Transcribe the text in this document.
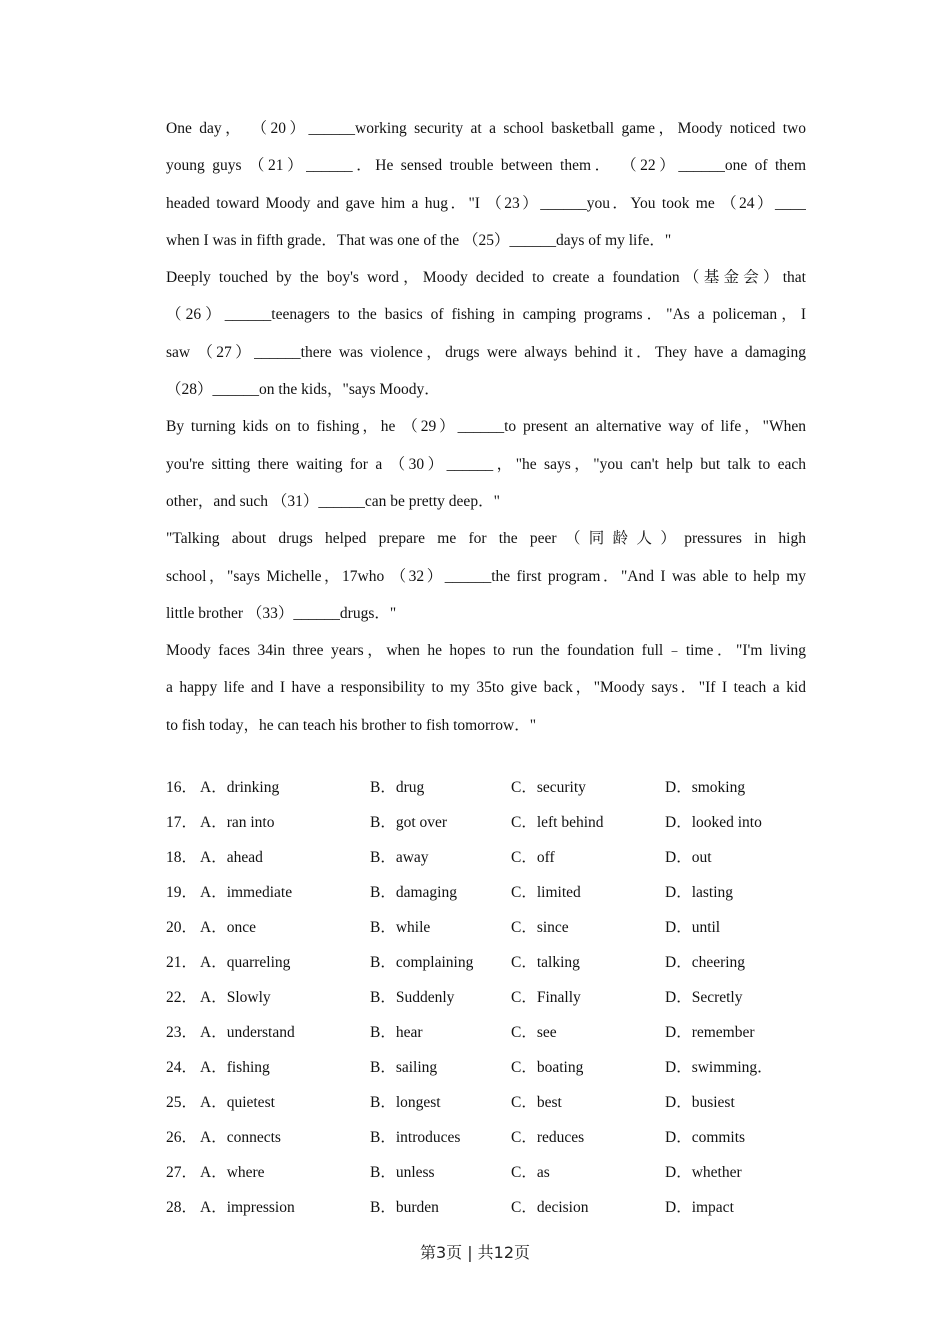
One day， （20）______working security at a school basketball game，Moody noticed two
young guys （21）______．He sensed trouble between them． （22）______one of them
headed toward Moody and gave him a hug．"I （23）______you．You took me （24）____
when I was in fifth grade．That was one of the （25）______days of my life．"
Deeply touched by the boy's word，Moody decided to create a foundation（基金会）that
（26）______teenagers to the basics of fishing in camping programs．"As a policeman，I
saw （27）______there was violence，drugs were always behind it．They have a damaging
（28）______on the kids，"says Moody．
By turning kids on to fishing，he （29）______to present an alternative way of life，"When
you're sitting there waiting for a （30）______，"he says，"you can't help but talk to each
other，and such （31）______can be pretty deep．"
"Talking about drugs helped prepare me for the peer（同龄人）pressures in high
school，"says Michelle，17who （32）______the first program．"And I was able to help my
little brother （33）______drugs．"
Moody faces 34in three years，when he hopes to run the foundation full﹣time．"I'm living
a happy life and I have a responsibility to my 35to give back，"Moody says．"If I teach a kid
to fish today，he can teach his brother to fish tomorrow．"
16． A．drinking	B．drug	C．security	D．smoking
17． A．ran into	B．got over	C．left behind	D．looked into
18． A．ahead	B．away	C．off	D．out
19． A．immediate	B．damaging	C．limited	D．lasting
20． A．once	B．while	C．since	D．until
21． A．quarreling	B．complaining C．talking	D．cheering
22． A．Slowly	B．Suddenly	C．Finally	D．Secretly
23． A．understand	B．hear	C．see	D．remember
24． A．fishing	B．sailing	C．boating	D．swimming．
25． A．quietest	B．longest	C．best	D．busiest
26． A．connects	B．introduces	C．reduces	D．commits
27． A．where	B．unless	C．as	D．whether
28． A．impression	B．burden	C．decision	D．impact
第3页 | 共12页
